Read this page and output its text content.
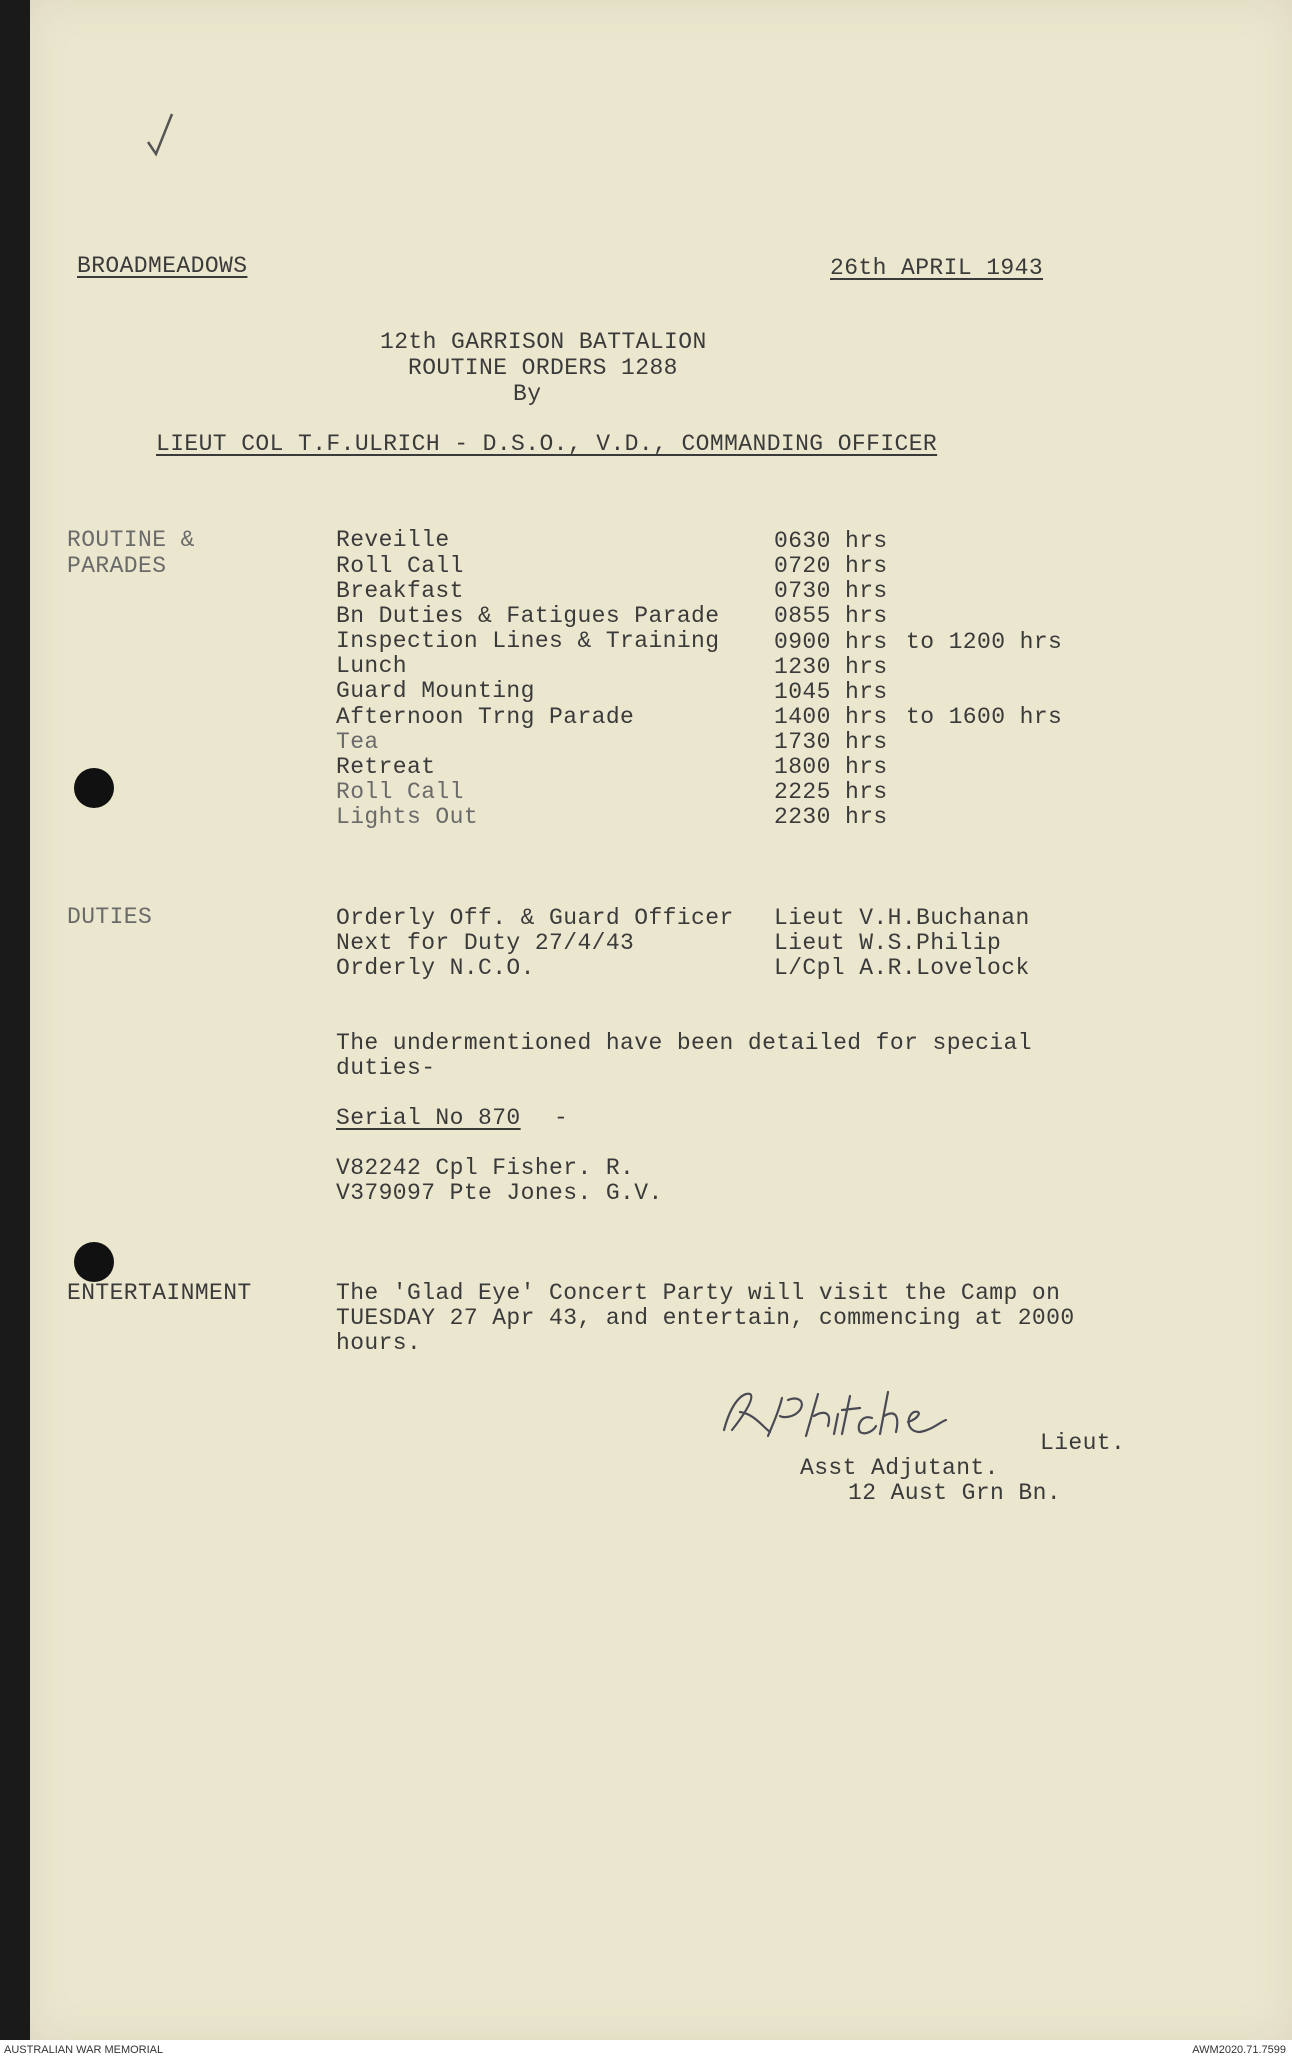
BROADMEADOWS	26th APRIL 1943
12th GARRISON BATTALION
ROUTINE ORDERS 1288
By
LIEUT COL T.F.ULRICH - D.S.O., V.D., COMMANDING OFFICER
ROUTINE &
PARADES
Reveille	0630 hrs
Roll Call	0720 hrs
Breakfast	0730 hrs
Bn Duties & Fatigues Parade 0855 hrs
Inspection Lines & Training 0900 hrs to 1200 hrs
Lunch	1230 hrs
Guard Mounting	1045 hrs
Afternoon Trng Parade	1400 hrs to 1600 hrs
Tea	1730 hrs
Retreat	1800 hrs
Roll Call	2225 hrs
Lights Out	2230 hrs
DUTIES	Orderly Off. & Guard Officer Lieut V.H.Buchanan
Next for Duty 27/4/43	Lieut W.S.Philip
Orderly N.C.O.	L/Cpl A.R.Lovelock
The undermentioned have been detailed for special
duties-
Serial No 870 -
V82242 Cpl Fisher. R.
V379097 Pte Jones. G.V.
ENTERTAINMENT	The 'Glad Eye' Concert Party will visit the Camp on
TUESDAY 27 Apr 43, and entertain, commencing at 2000
hours.
Lieut.
Asst Adjutant.
12 Aust Grn Bn.
AUSTRALIAN WAR MEMORIAL	AWM2020.71.7599
